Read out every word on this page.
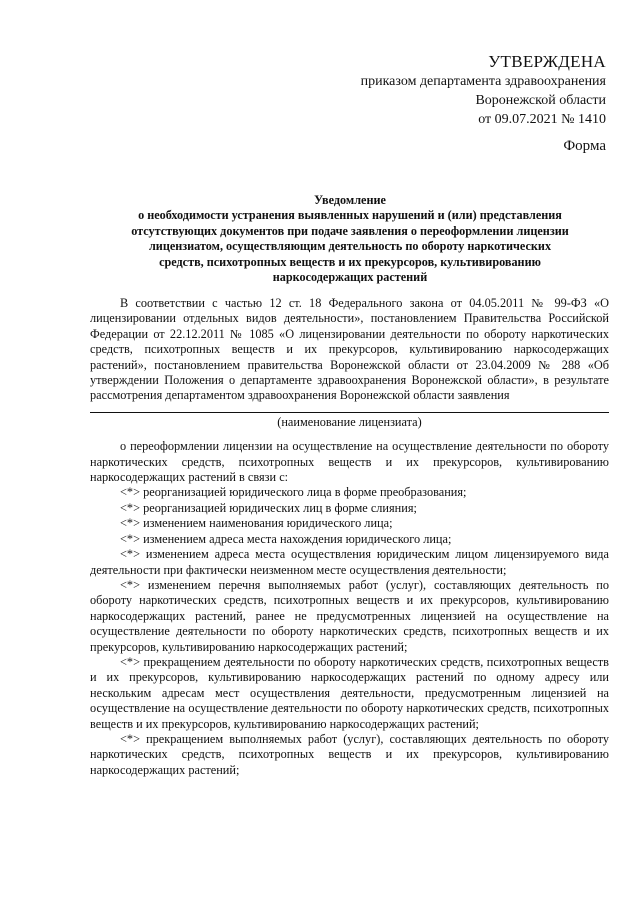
УТВЕРЖДЕНА
приказом департамента здравоохранения
Воронежской области
от 09.07.2021 № 1410
Форма
Уведомление
о необходимости устранения выявленных нарушений и (или) представления
отсутствующих документов при подаче заявления о переоформлении лицензии
лицензиатом, осуществляющим деятельность по обороту наркотических
средств, психотропных веществ и их прекурсоров, культивированию
наркосодержащих растений

В соответствии с частью 12 ст. 18 Федерального закона от 04.05.2011 № 99-ФЗ «О лицензировании отдельных видов деятельности», постановлением Правительства Российской Федерации от 22.12.2011 № 1085 «О лицензировании деятельности по обороту наркотических средств, психотропных веществ и их прекурсоров, культивированию наркосодержащих растений», постановлением правительства Воронежской области от 23.04.2009 № 288 «Об утверждении Положения о департаменте здравоохранения Воронежской области», в результате рассмотрения департаментом здравоохранения Воронежской области заявления

(наименование лицензиата)

о переоформлении лицензии на осуществление на осуществление деятельности по обороту наркотических средств, психотропных веществ и их прекурсоров, культивированию наркосодержащих растений в связи с:

<*> реорганизацией юридического лица в форме преобразования;

<*> реорганизацией юридических лиц в форме слияния;

<*> изменением наименования юридического лица;

<*> изменением адреса места нахождения юридического лица;

<*> изменением адреса места осуществления юридическим лицом лицензируемого вида деятельности при фактически неизменном месте осуществления деятельности;

<*> изменением перечня выполняемых работ (услуг), составляющих деятельность по обороту наркотических средств, психотропных веществ и их прекурсоров, культивированию наркосодержащих растений, ранее не предусмотренных лицензией на осуществление на осуществление деятельности по обороту наркотических средств, психотропных веществ и их прекурсоров, культивированию наркосодержащих растений;

<*> прекращением деятельности по обороту наркотических средств, психотропных веществ и их прекурсоров, культивированию наркосодержащих растений по одному адресу или нескольким адресам мест осуществления деятельности, предусмотренным лицензией на осуществление на осуществление деятельности по обороту наркотических средств, психотропных веществ и их прекурсоров, культивированию наркосодержащих растений;

<*> прекращением выполняемых работ (услуг), составляющих деятельность по обороту наркотических средств, психотропных веществ и их прекурсоров, культивированию наркосодержащих растений;
